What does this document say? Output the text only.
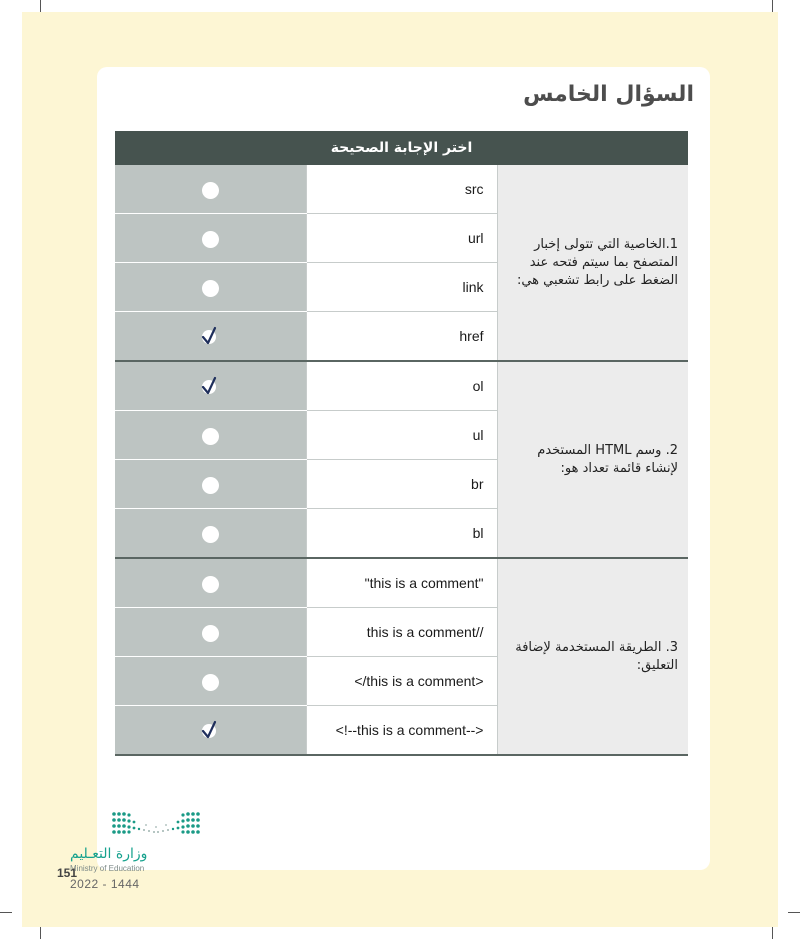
السؤال الخامس
اختر الإجابة الصحيحة		
	src	1.الخاصية التي تتولى إخبار المتصفح بما سيتم فتحه عند الضغط على رابط تشعبي هي:
	url	
	link	
	href	
	ol	2. وسم HTML المستخدم لإنشاء قائمة تعداد هو:
	ul	
	br	
	bl	
	"this is a comment"	3. الطريقة المستخدمة لإضافة التعليق:
	this is a comment//	
	</this is a comment>	
	<!--this is a comment-->	
وزارة التعـليم
Ministry of Education
151
2022 - 1444
